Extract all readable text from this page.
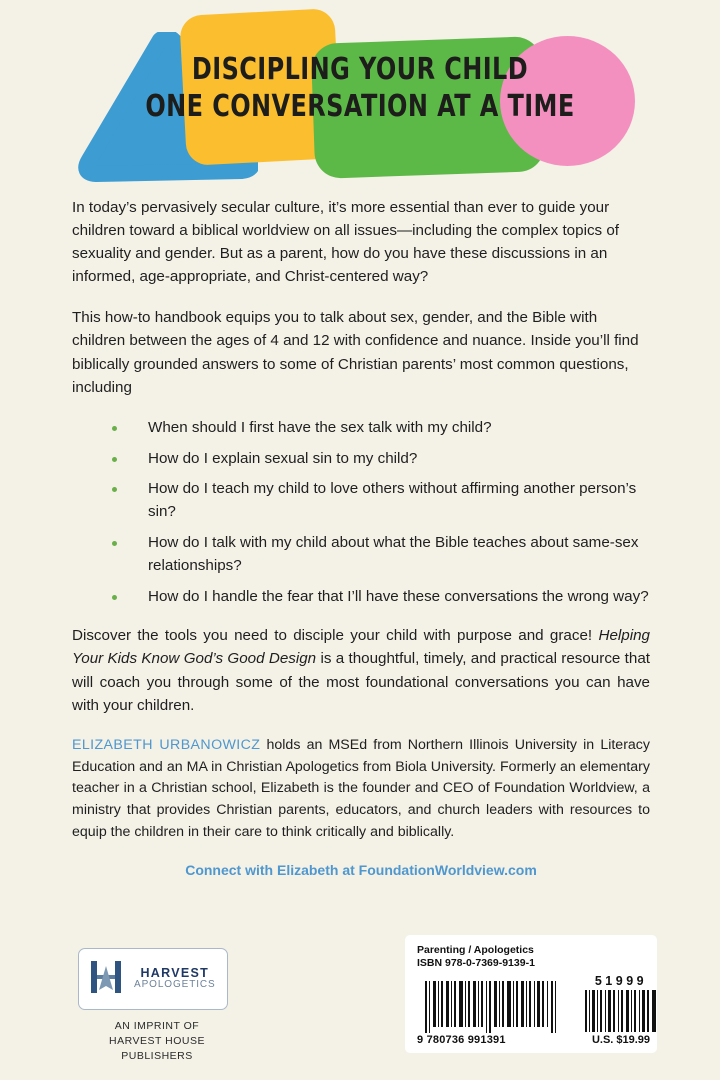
DISCIPLING YOUR CHILD
ONE CONVERSATION AT A TIME

In today’s pervasively secular culture, it’s more essential than ever to guide your children toward a biblical worldview on all issues—including the complex topics of sexuality and gender. But as a parent, how do you have these discussions in an informed, age-appropriate, and Christ-centered way?

This how-to handbook equips you to talk about sex, gender, and the Bible with children between the ages of 4 and 12 with confidence and nuance. Inside you’ll find biblically grounded answers to some of Christian parents’ most common questions, including

When should I first have the sex talk with my child?
How do I explain sexual sin to my child?
How do I teach my child to love others without affirming another person’s sin?
How do I talk with my child about what the Bible teaches about same-sex relationships?
How do I handle the fear that I’ll have these conversations the wrong way?

Discover the tools you need to disciple your child with purpose and grace! Helping Your Kids Know God’s Good Design is a thoughtful, timely, and practical resource that will coach you through some of the most foundational conversations you can have with your children.

ELIZABETH URBANOWICZ holds an MSEd from Northern Illinois University in Literacy Education and an MA in Christian Apologetics from Biola University. Formerly an elementary teacher in a Christian school, Elizabeth is the founder and CEO of Foundation Worldview, a ministry that provides Christian parents, educators, and church leaders with resources to equip the children in their care to think critically and biblically.

Connect with Elizabeth at FoundationWorldview.com

HARVEST
APOLOGETICS
AN IMPRINT OF
HARVEST HOUSE PUBLISHERS
Parenting / Apologetics
ISBN 978-0-7369-9139-1
9 780736 991391
51999
U.S. $19.99
